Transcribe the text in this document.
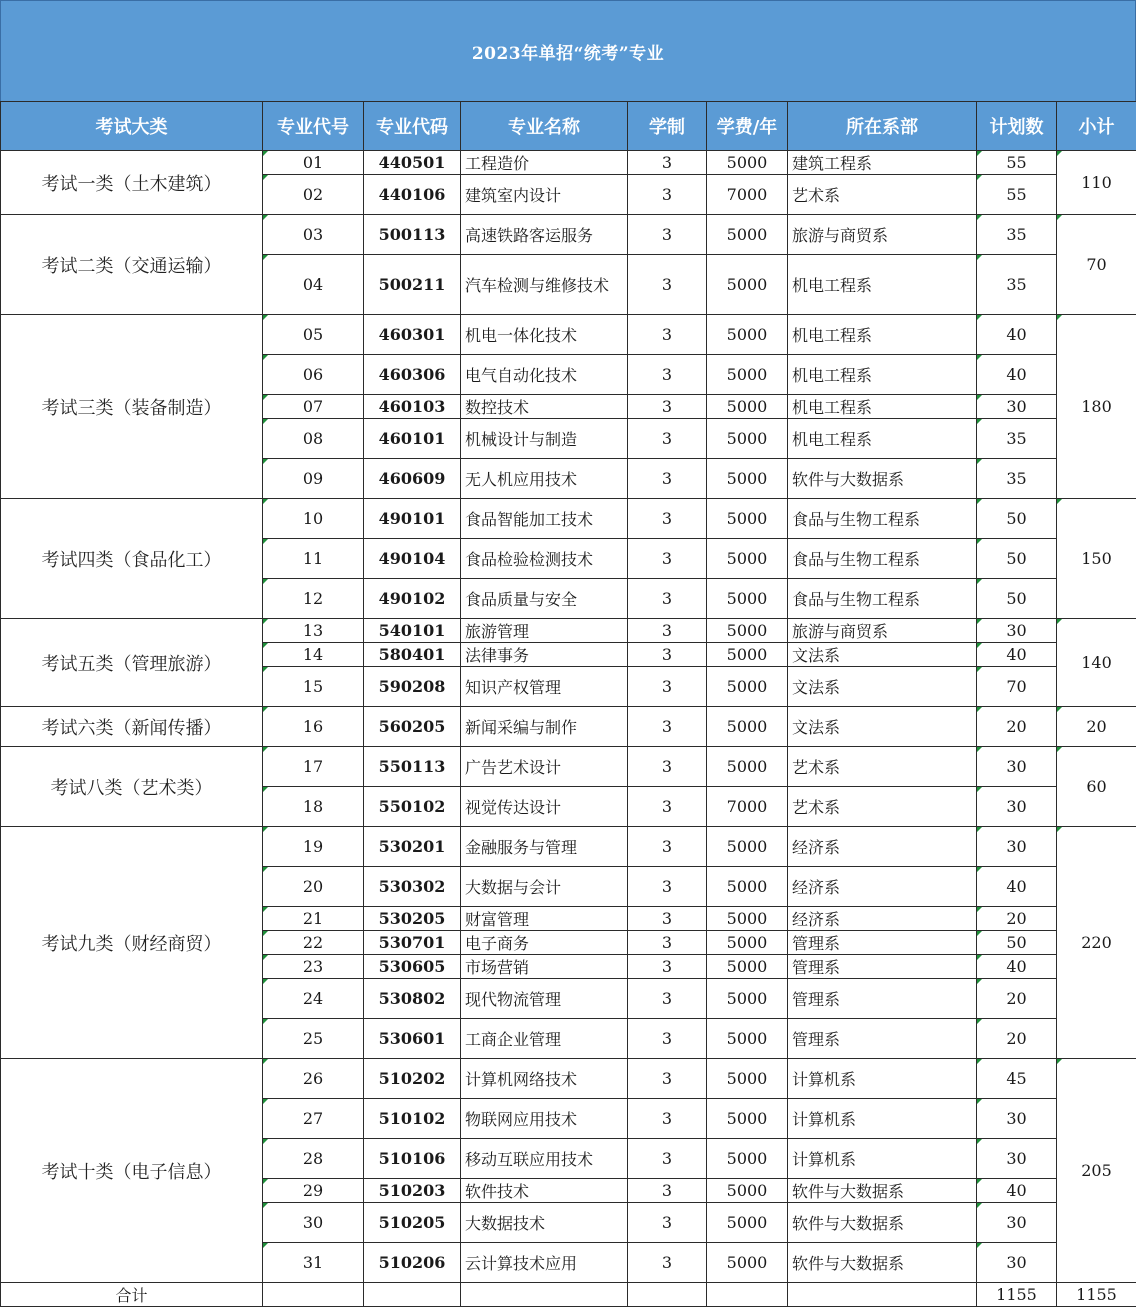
2023年单招“统考”专业
考试大类	专业代号	专业代码	专业名称	学制	学费/年	所在系部	计划数	小计
考试一类（土木建筑）	01	440501	工程造价	3	5000	建筑工程系	55	110
	02	440106	建筑室内设计	3	7000	艺术系	55	
考试二类（交通运输）	03	500113	高速铁路客运服务	3	5000	旅游与商贸系	35	70
	04	500211	汽车检测与维修技术	3	5000	机电工程系	35	
考试三类（装备制造）	05	460301	机电一体化技术	3	5000	机电工程系	40	180
	06	460306	电气自动化技术	3	5000	机电工程系	40	
	07	460103	数控技术	3	5000	机电工程系	30	
	08	460101	机械设计与制造	3	5000	机电工程系	35	
	09	460609	无人机应用技术	3	5000	软件与大数据系	35	
考试四类（食品化工）	10	490101	食品智能加工技术	3	5000	食品与生物工程系	50	150
	11	490104	食品检验检测技术	3	5000	食品与生物工程系	50	
	12	490102	食品质量与安全	3	5000	食品与生物工程系	50	
考试五类（管理旅游）	13	540101	旅游管理	3	5000	旅游与商贸系	30	140
	14	580401	法律事务	3	5000	文法系	40	
	15	590208	知识产权管理	3	5000	文法系	70	
考试六类（新闻传播）	16	560205	新闻采编与制作	3	5000	文法系	20	20
考试八类（艺术类）	17	550113	广告艺术设计	3	5000	艺术系	30	60
	18	550102	视觉传达设计	3	7000	艺术系	30	
考试九类（财经商贸）	19	530201	金融服务与管理	3	5000	经济系	30	220
	20	530302	大数据与会计	3	5000	经济系	40	
	21	530205	财富管理	3	5000	经济系	20	
	22	530701	电子商务	3	5000	管理系	50	
	23	530605	市场营销	3	5000	管理系	40	
	24	530802	现代物流管理	3	5000	管理系	20	
	25	530601	工商企业管理	3	5000	管理系	20	
考试十类（电子信息）	26	510202	计算机网络技术	3	5000	计算机系	45	205
	27	510102	物联网应用技术	3	5000	计算机系	30	
	28	510106	移动互联应用技术	3	5000	计算机系	30	
	29	510203	软件技术	3	5000	软件与大数据系	40	
	30	510205	大数据技术	3	5000	软件与大数据系	30	
	31	510206	云计算技术应用	3	5000	软件与大数据系	30	
合计							1155	1155
